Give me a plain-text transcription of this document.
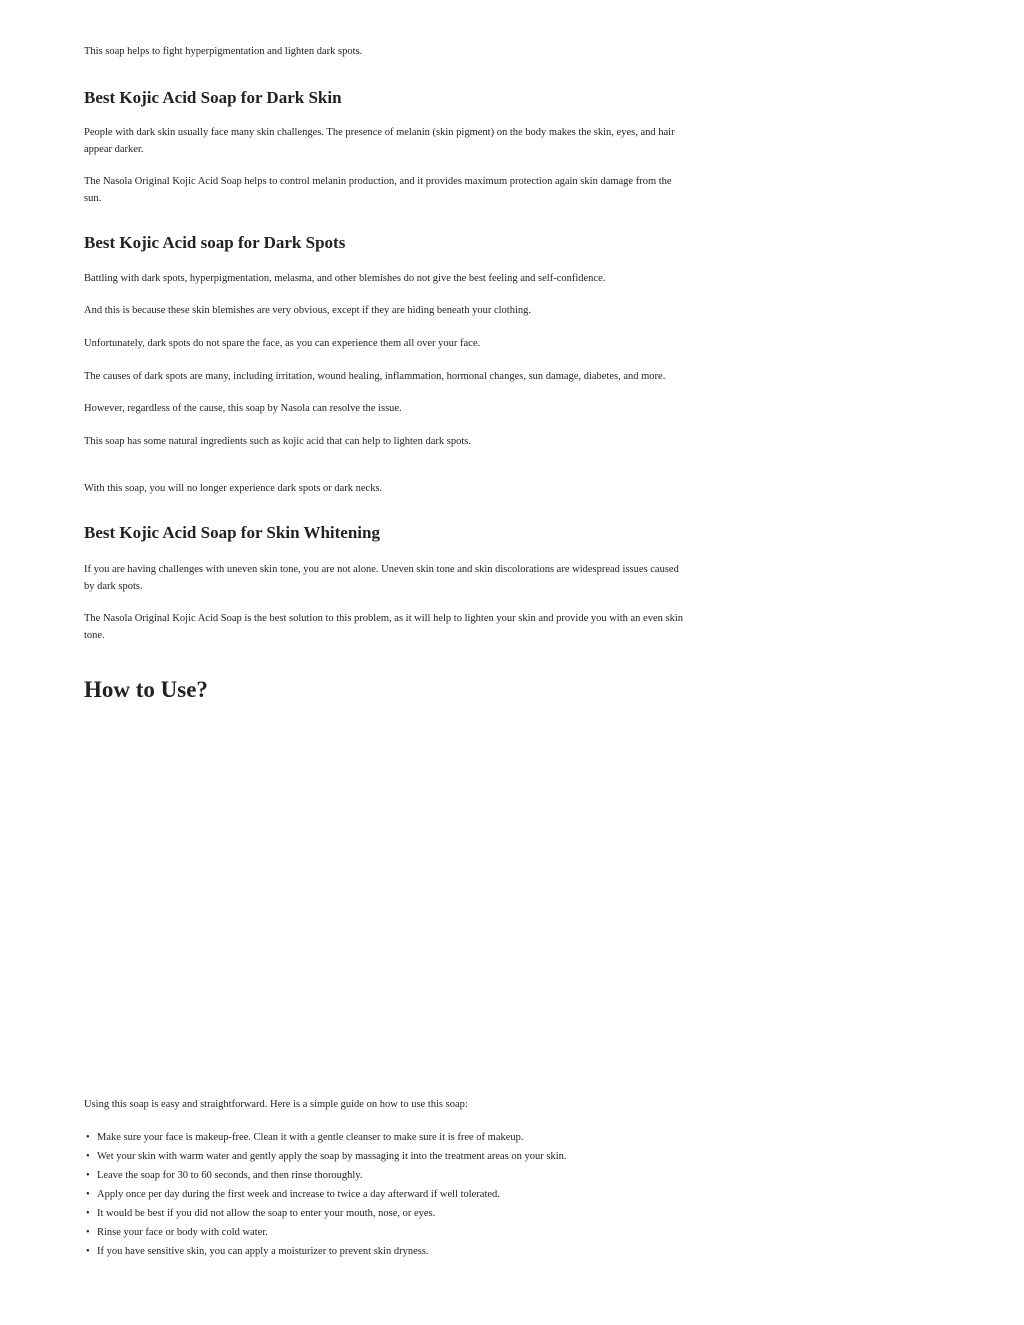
This soap helps to fight hyperpigmentation and lighten dark spots.

Best Kojic Acid Soap for Dark Skin

People with dark skin usually face many skin challenges. The presence of melanin (skin pigment) on the body makes the skin, eyes, and hair appear darker.

The Nasola Original Kojic Acid Soap helps to control melanin production, and it provides maximum protection again skin damage from the sun.

Best Kojic Acid soap for Dark Spots

Battling with dark spots, hyperpigmentation, melasma, and other blemishes do not give the best feeling and self-confidence.

And this is because these skin blemishes are very obvious, except if they are hiding beneath your clothing.

Unfortunately, dark spots do not spare the face, as you can experience them all over your face.

The causes of dark spots are many, including irritation, wound healing, inflammation, hormonal changes, sun damage, diabetes, and more.

However, regardless of the cause, this soap by Nasola can resolve the issue.

This soap has some natural ingredients such as kojic acid that can help to lighten dark spots.

With this soap, you will no longer experience dark spots or dark necks.

Best Kojic Acid Soap for Skin Whitening

If you are having challenges with uneven skin tone, you are not alone. Uneven skin tone and skin discolorations are widespread issues caused by dark spots.

The Nasola Original Kojic Acid Soap is the best solution to this problem, as it will help to lighten your skin and provide you with an even skin tone.

How to Use?

Using this soap is easy and straightforward. Here is a simple guide on how to use this soap:

• Make sure your face is makeup-free. Clean it with a gentle cleanser to make sure it is free of makeup.
• Wet your skin with warm water and gently apply the soap by massaging it into the treatment areas on your skin.
• Leave the soap for 30 to 60 seconds, and then rinse thoroughly.
• Apply once per day during the first week and increase to twice a day afterward if well tolerated.
• It would be best if you did not allow the soap to enter your mouth, nose, or eyes.
• Rinse your face or body with cold water.
• If you have sensitive skin, you can apply a moisturizer to prevent skin dryness.
